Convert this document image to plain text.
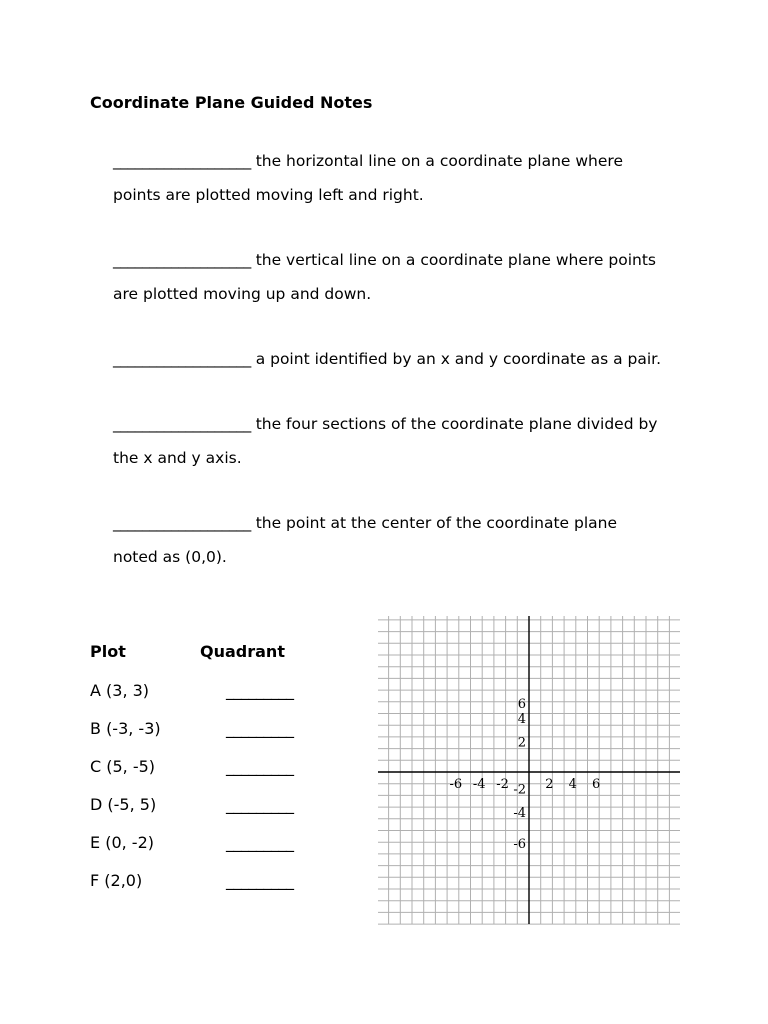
Coordinate Plane Guided Notes
___________________ the horizontal line on a coordinate plane where
points are plotted moving left and right.
___________________ the vertical line on a coordinate plane where points
are plotted moving up and down.
___________________ a point identified by an x and y coordinate as a pair.
___________________ the four sections of the coordinate plane divided by
the x and y axis.
___________________ the point at the center of the coordinate plane
noted as (0,0).
Plot	Quadrant
A (3, 3)	_________
B (-3, -3)	_________
C (5, -5)	_________
D (-5, 5)	_________
E (0, -2)	_________
F (2,0)	_________
-6 -4 -2	2 4 6
6
4
2
-2
-4
-6
